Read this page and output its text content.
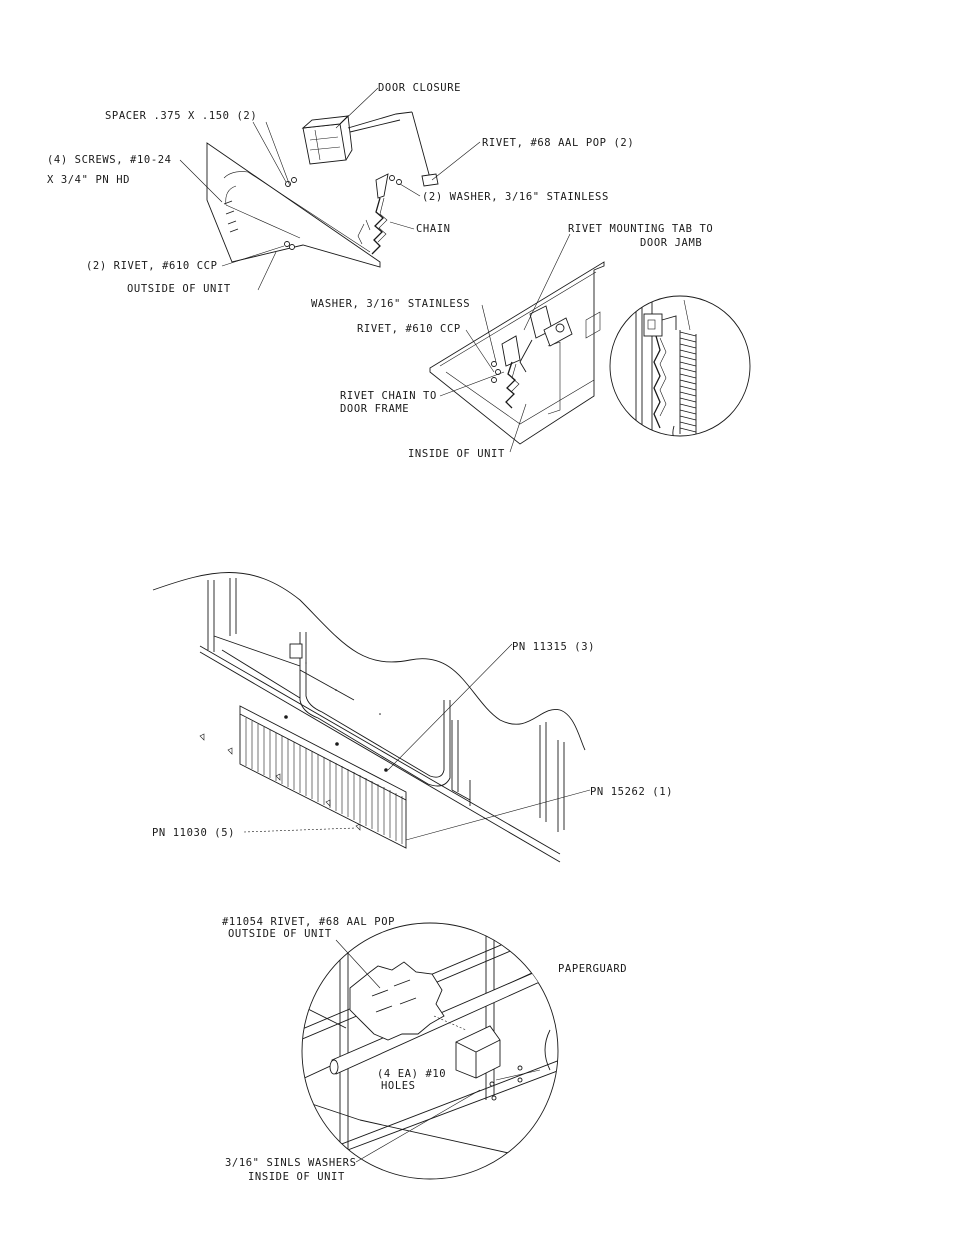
DOOR CLOSURE
SPACER .375 X .150 (2)
RIVET, #68 AAL POP (2)
(4) SCREWS, #10-24
X 3/4" PN HD
(2) WASHER, 3/16" STAINLESS
CHAIN	RIVET MOUNTING TAB TO
DOOR JAMB
(2) RIVET, #610 CCP
OUTSIDE OF UNIT
WASHER, 3/16" STAINLESS
RIVET, #610 CCP
RIVET CHAIN TO
DOOR FRAME
INSIDE OF UNIT
PN 11315 (3)
PN 15262 (1)
PN 11030 (5)
#11054 RIVET, #68 AAL POP
OUTSIDE OF UNIT
PAPERGUARD
(4 EA) #10
HOLES
3/16" SINLS WASHERS
INSIDE OF UNIT
